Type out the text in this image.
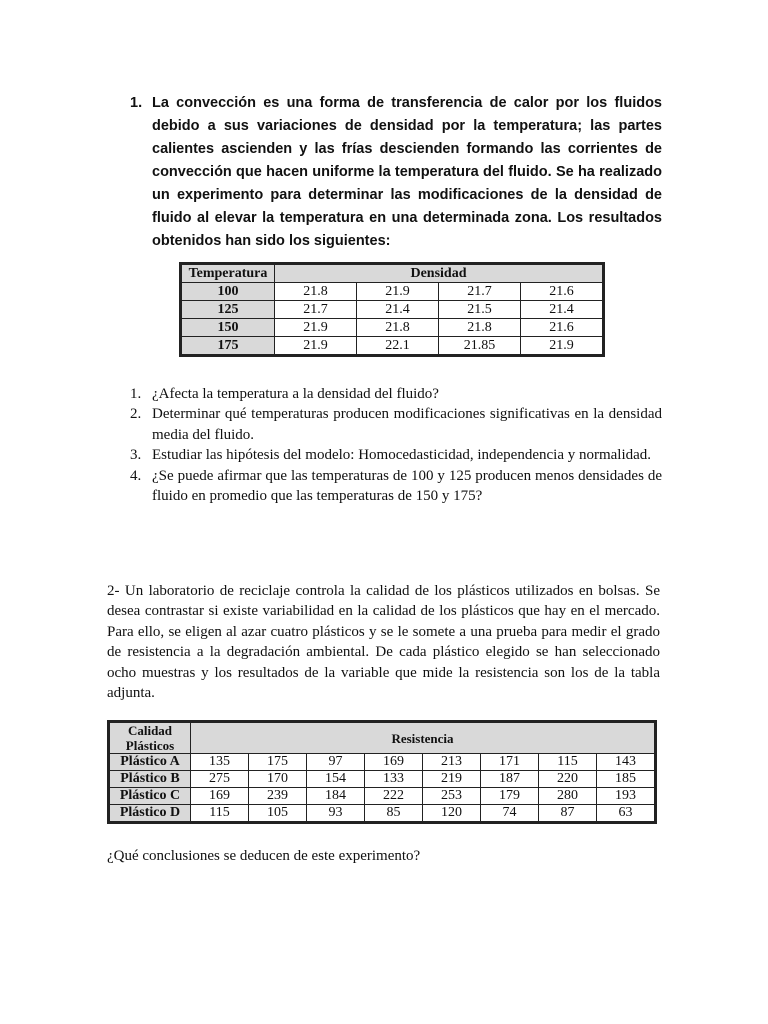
1. La convección es una forma de transferencia de calor por los fluidos debido a sus variaciones de densidad por la temperatura; las partes calientes ascienden y las frías descienden formando las corrientes de convección que hacen uniforme la temperatura del fluido. Se ha realizado un experimento para determinar las modificaciones de la densidad de fluido al elevar la temperatura en una determinada zona. Los resultados obtenidos han sido los siguientes:
Temperatura	Densidad			
100	21.8	21.9	21.7	21.6
125	21.7	21.4	21.5	21.4
150	21.9	21.8	21.8	21.6
175	21.9	22.1	21.85	21.9
1. ¿Afecta la temperatura a la densidad del fluido?
2. Determinar qué temperaturas producen modificaciones significativas en la densidad media del fluido.
3. Estudiar las hipótesis del modelo: Homocedasticidad, independencia y normalidad.
4. ¿Se puede afirmar que las temperaturas de 100 y 125 producen menos densidades de fluido en promedio que las temperaturas de 150 y 175?
2- Un laboratorio de reciclaje controla la calidad de los plásticos utilizados en bolsas. Se desea contrastar si existe variabilidad en la calidad de los plásticos que hay en el mercado. Para ello, se eligen al azar cuatro plásticos y se le somete a una prueba para medir el grado de resistencia a la degradación ambiental. De cada plástico elegido se han seleccionado ocho muestras y los resultados de la variable que mide la resistencia son los de la tabla adjunta.
Calidad Plásticos	Resistencia							
Plástico A	135	175	97	169	213	171	115	143
Plástico B	275	170	154	133	219	187	220	185
Plástico C	169	239	184	222	253	179	280	193
Plástico D	115	105	93	85	120	74	87	63
¿Qué conclusiones se deducen de este experimento?
